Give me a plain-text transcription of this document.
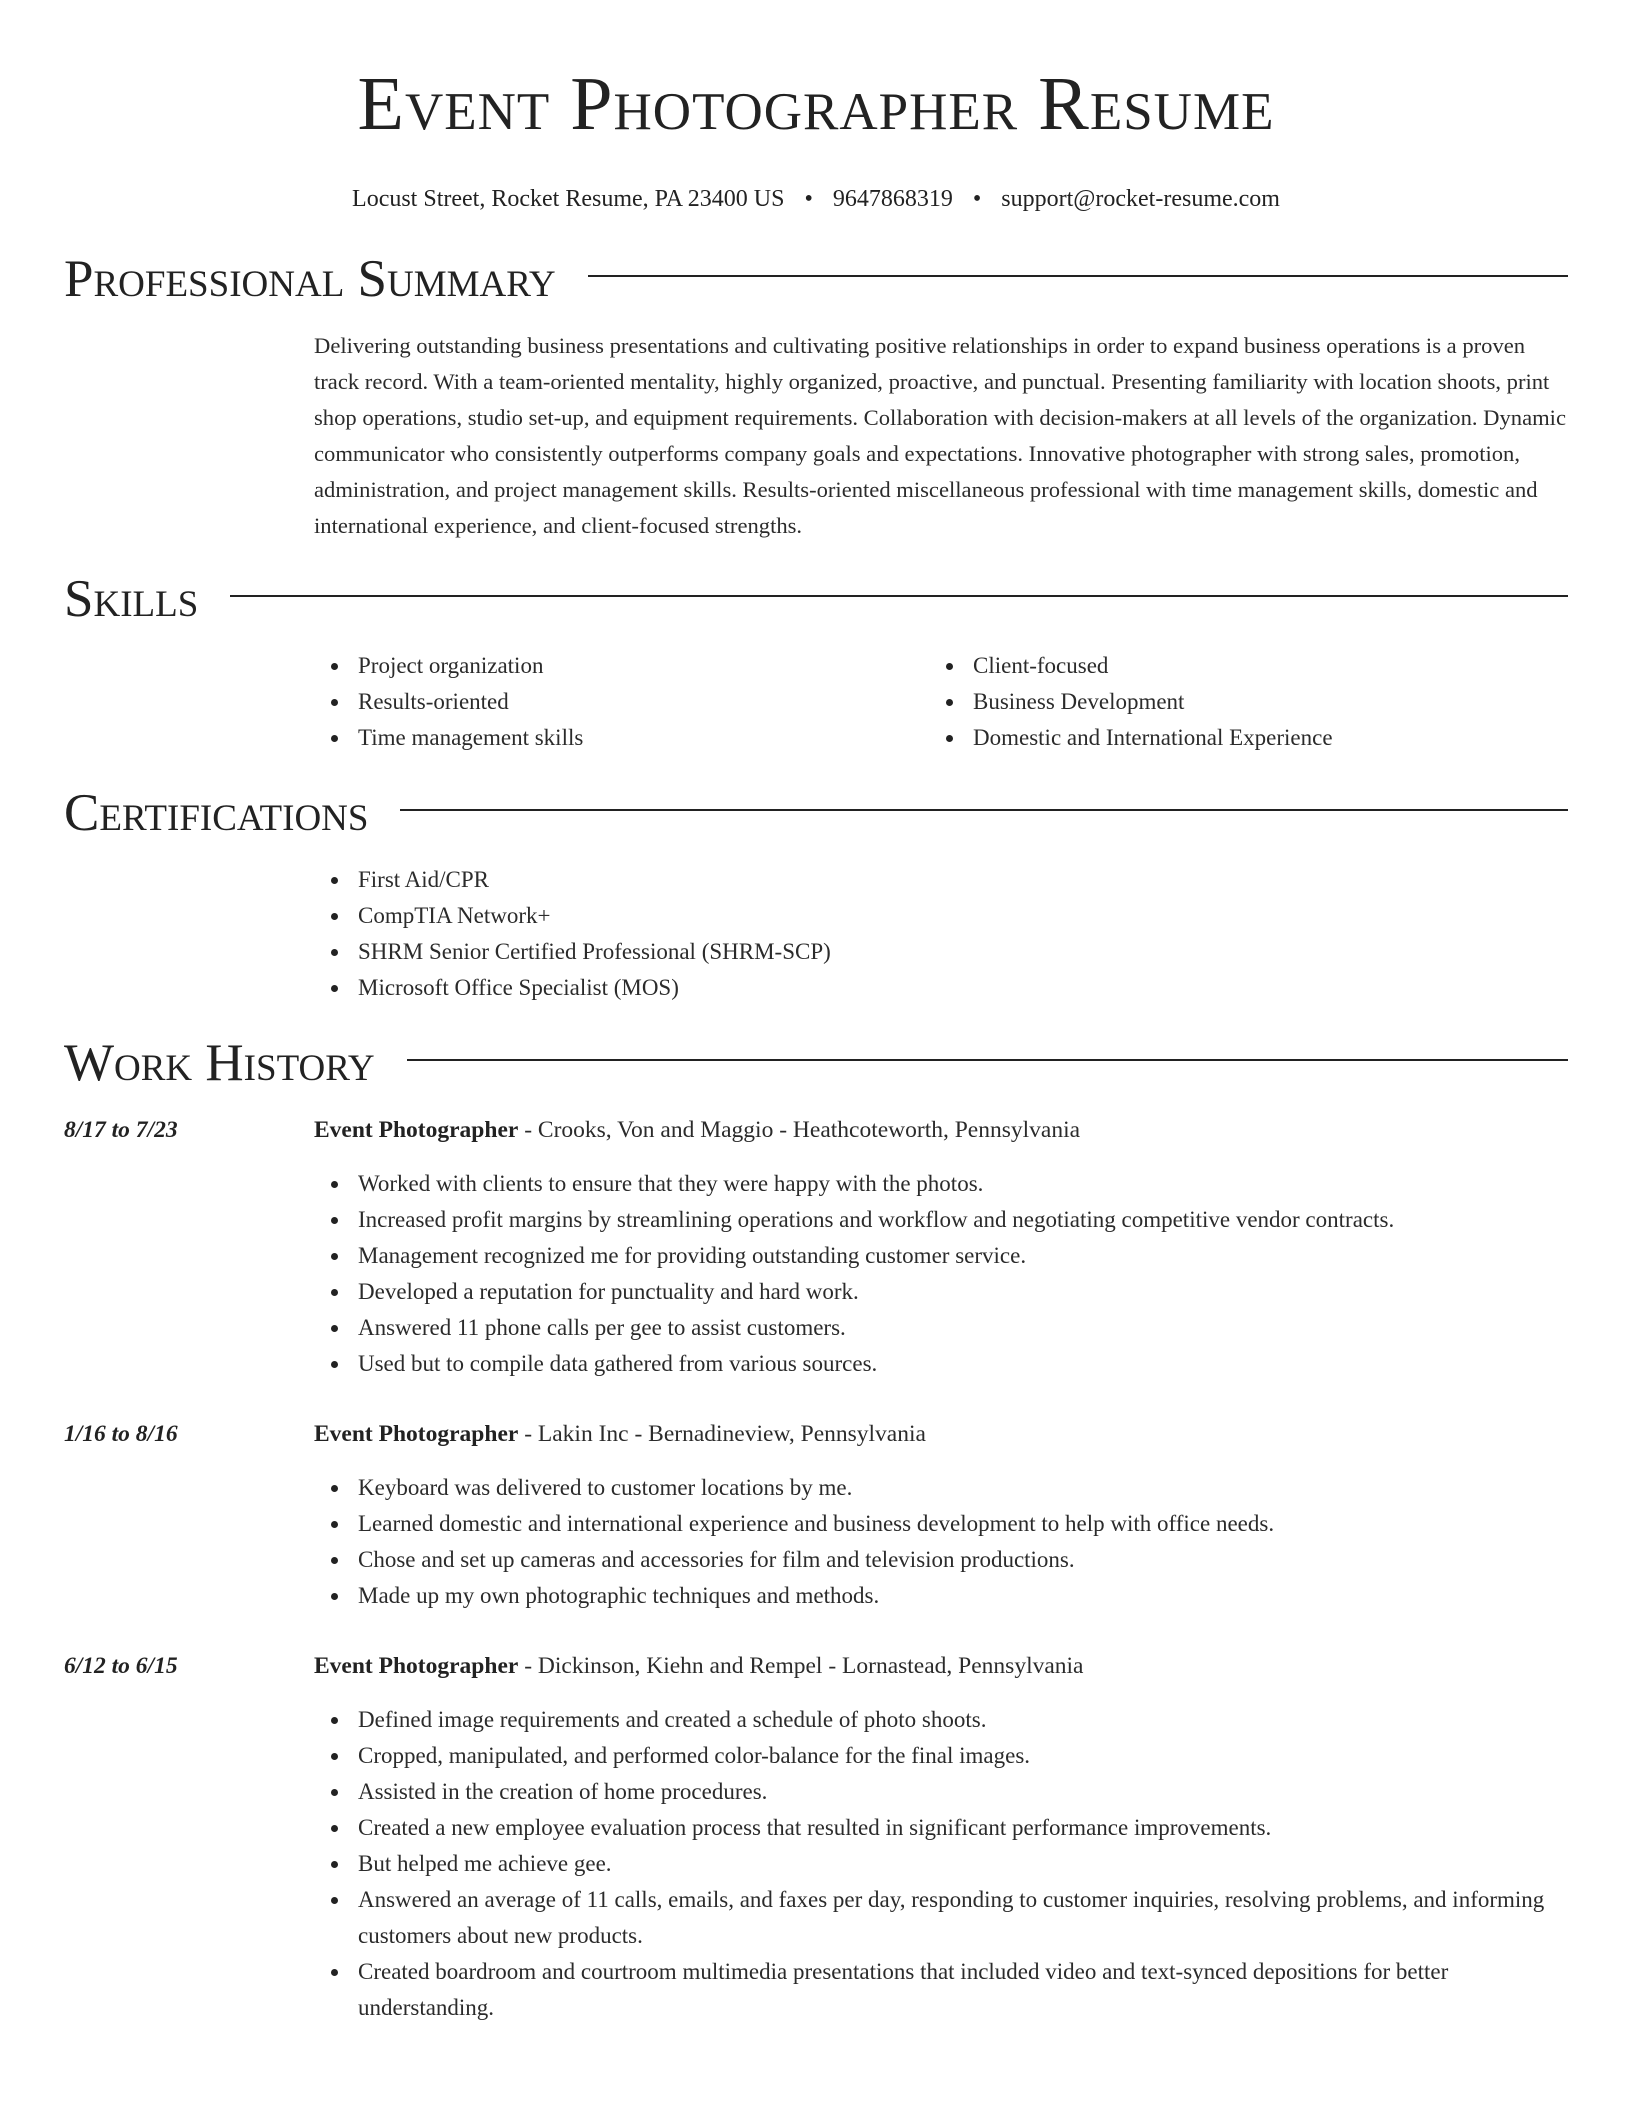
Event Photographer Resume
Locust Street, Rocket Resume, PA 23400 US • 9647868319 • support@rocket-resume.com
Professional Summary
Delivering outstanding business presentations and cultivating positive relationships in order to expand business operations is a proven track record. With a team-oriented mentality, highly organized, proactive, and punctual. Presenting familiarity with location shoots, print shop operations, studio set-up, and equipment requirements. Collaboration with decision-makers at all levels of the organization. Dynamic communicator who consistently outperforms company goals and expectations. Innovative photographer with strong sales, promotion, administration, and project management skills. Results-oriented miscellaneous professional with time management skills, domestic and international experience, and client-focused strengths.
Skills
Project organization
Results-oriented
Time management skills
Client-focused
Business Development
Domestic and International Experience
Certifications
First Aid/CPR
CompTIA Network+
SHRM Senior Certified Professional (SHRM-SCP)
Microsoft Office Specialist (MOS)
Work History
8/17 to 7/23	Event Photographer - Crooks, Von and Maggio - Heathcoteworth, Pennsylvania
Worked with clients to ensure that they were happy with the photos.
Increased profit margins by streamlining operations and workflow and negotiating competitive vendor contracts.
Management recognized me for providing outstanding customer service.
Developed a reputation for punctuality and hard work.
Answered 11 phone calls per gee to assist customers.
Used but to compile data gathered from various sources.
1/16 to 8/16	Event Photographer - Lakin Inc - Bernadineview, Pennsylvania
Keyboard was delivered to customer locations by me.
Learned domestic and international experience and business development to help with office needs.
Chose and set up cameras and accessories for film and television productions.
Made up my own photographic techniques and methods.
6/12 to 6/15	Event Photographer - Dickinson, Kiehn and Rempel - Lornastead, Pennsylvania
Defined image requirements and created a schedule of photo shoots.
Cropped, manipulated, and performed color-balance for the final images.
Assisted in the creation of home procedures.
Created a new employee evaluation process that resulted in significant performance improvements.
But helped me achieve gee.
Answered an average of 11 calls, emails, and faxes per day, responding to customer inquiries, resolving problems, and informing customers about new products.
Created boardroom and courtroom multimedia presentations that included video and text-synced depositions for better understanding.
